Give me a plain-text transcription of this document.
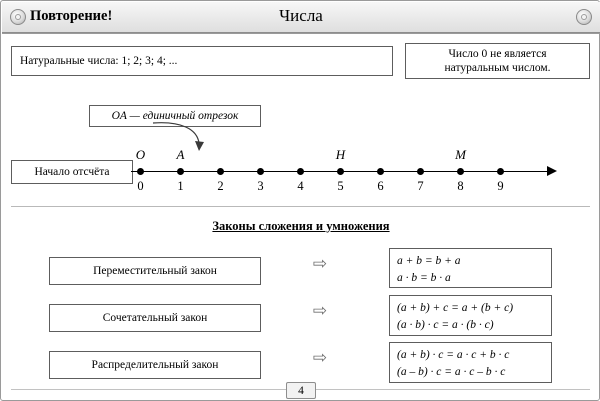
Повторение!	Числа
Натуральные числа: 1; 2; 3; 4; ...
Число 0 не является
натуральным числом.
OA — единичный отрезок
Начало отсчёта
0	1	2	3	4	5	6	7	8	9
O	A	H	M
Законы сложения и умножения
Переместительный закон	⇨	a + b = b + a
a · b = b · a
Сочетательный закон	⇨	(a + b) + c = a + (b + c)
(a · b) · c = a · (b · c)
Распределительный закон	⇨	(a + b) · c = a · c + b · c
(a – b) · c = a · c – b · c
4
